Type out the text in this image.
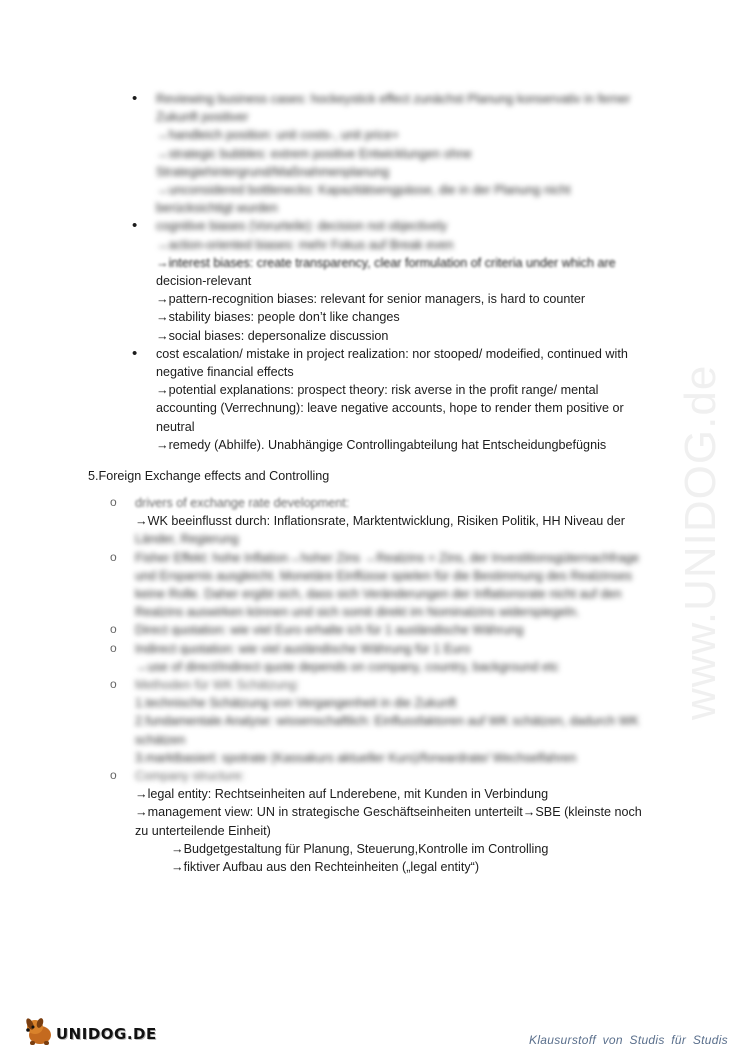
• Reviewing business cases: hockeystick effect zunächst Planung konservativ in ferner Zukunft positiver
→handleich position: unit costs-, unit price+
→strategic bubbles: extrem positive Entwicklungen ohne Strategiehintergrund/Maßnahmenplanung
→unconsidered bottlenecks: Kapazitätsengpässe, die in der Planung nicht berücksichtigt wurden
• cognitive biases (Vorurteile): decision not objectively
→action-oriented biases: mehr Fokus auf Break even
→interest biases: create transparency, clear formulation of criteria under which are
decision-relevant
→pattern-recognition biases: relevant for senior managers, is hard to counter
→stability biases: people don’t like changes
→social biases: depersonalize discussion
• cost escalation/ mistake in project realization: nor stooped/ modeified, continued with negative financial effects
→potential explanations: prospect theory: risk averse in the profit range/ mental accounting (Verrechnung): leave negative accounts, hope to render them positive or neutral
→remedy (Abhilfe). Unabhängige Controllingabteilung hat Entscheidungbefügnis
5.Foreign Exchange effects and Controlling
o drivers of exchange rate development:
→WK beeinflusst durch: Inflationsrate, Marktentwicklung, Risiken Politik, HH Niveau der
Länder, Regierung
o Fisher Effekt: hohe Inflation→hoher Zins →Realzins = Zins, der Investitionsgüternachfrage und Ersparnis ausgleicht. Monetäre Einflüsse spielen für die Bestimmung des Realzinses keine Rolle. Daher ergibt sich, dass sich Veränderungen der Inflationsrate nicht auf den Realzins auswirken können und sich somit direkt im Nominalzins widerspiegeln.
o Direct quotation: wie viel Euro erhalte ich für 1 ausländische Währung
o Indirect quotation: wie viel ausländische Währung für 1 Euro
→use of direct/indirect quote depends on company, country, background etc
o Methoden für WK Schätzung:
1.technische Schätzung von Vergangenheit in die Zukunft
2.fundamentale Analyse: wissenschaftlich: Einflussfaktoren auf WK schätzen, dadurch WK schätzen
3.marktbasiert: spotrate (Kassakurs aktueller Kurs)/forwardrate/ Wechselfahren
o Company structure:
→legal entity: Rechtseinheiten auf Lnderebene, mit Kunden in Verbindung
→management view: UN in strategische Geschäftseinheiten unterteilt→SBE (kleinste noch zu unterteilende Einheit)
→Budgetgestaltung für Planung, Steuerung,Kontrolle im Controlling
→fiktiver Aufbau aus den Rechteinheiten („legal entity“)
www.UNIDOG.de
UNIDOG.DE	Klausurstoff von Studis für Studis
